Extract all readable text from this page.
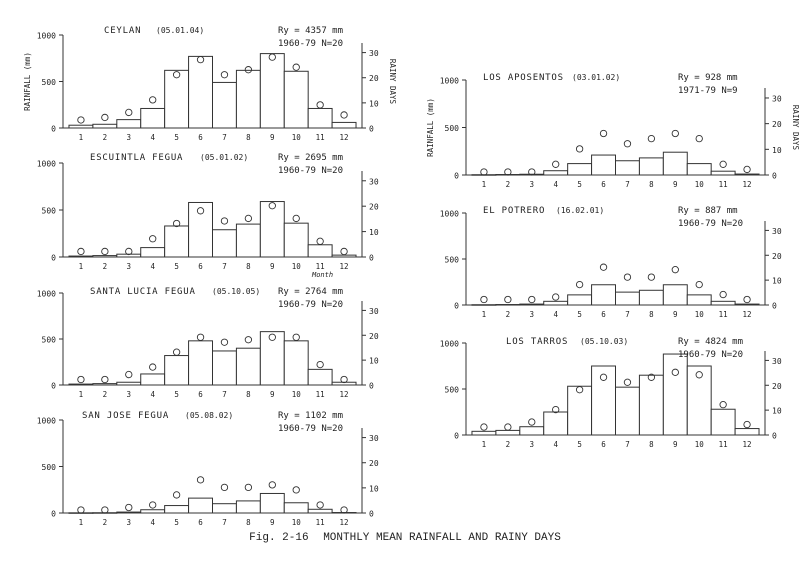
0
500
1000
0
10
20
30
1	2	3	4	5	6	7	8	9 10 11 12
CEYLAN (05.01.04)	Ry = 4357 mm
1960-79 N=20
RAINFALL (mm)	RAINY DAYS
0
500
1000
0
10
20
30
1	2	3	4	5	6	7	8	9 10 11 12
ESCUINTLA FEGUA (05.01.02)	Ry = 2695 mm
1960-79 N=20
Month
0
500
1000
0
10
20
30
1	2	3	4	5	6	7	8	9 10 11 12
SANTA LUCIA FEGUA (05.10.05) Ry = 2764 mm
1960-79 N=20
0
500
1000
0
10
20
30
1	2	3	4	5	6	7	8	9 10 11 12
SAN JOSE FEGUA (05.08.02)	Ry = 1102 mm
1960-79 N=20
0
500
1000
0
10
20
30
1	2	3	4	5	6	7	8	9 10 11 12
LOS APOSENTOS (03.01.02)	Ry = 928 mm
1971-79 N=9
RAINFALL (mm)	RAINY DAYS
0
500
1000
0
10
20
30
1	2	3	4	5	6	7	8	9 10 11 12
EL POTRERO (16.02.01)	Ry = 887 mm
1960-79 N=20
0
500
1000
0
10
20
30
1	2	3	4	5	6	7	8	9 10 11 12
LOS TARROS (05.10.03)	Ry = 4824 mm
1960-79 N=20
Fig. 2-16 MONTHLY MEAN RAINFALL AND RAINY DAYS
